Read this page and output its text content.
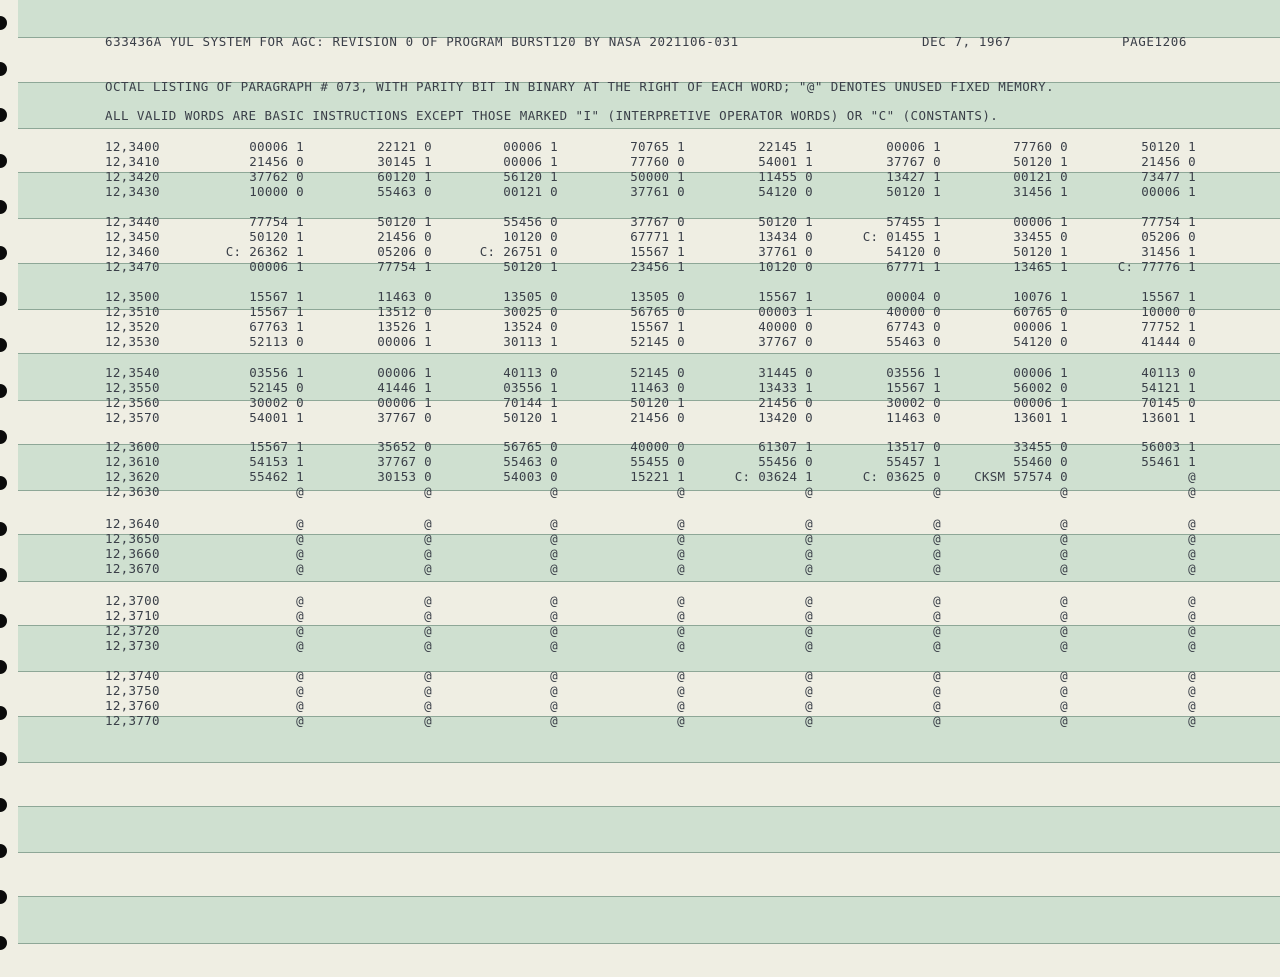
633436A YUL SYSTEM FOR AGC: REVISION 0 OF PROGRAM BURST120 BY NASA 2021106-031	DEC 7, 1967	PAGE1206
OCTAL LISTING OF PARAGRAPH # 073, WITH PARITY BIT IN BINARY AT THE RIGHT OF EACH WORD; "@" DENOTES UNUSED FIXED MEMORY.
ALL VALID WORDS ARE BASIC INSTRUCTIONS EXCEPT THOSE MARKED "I" (INTERPRETIVE OPERATOR WORDS) OR "C" (CONSTANTS).
12,3400	00006 1	22121 0	00006 1	70765 1	22145 1	00006 1	77760 0	50120 1
12,3410	21456 0	30145 1	00006 1	77760 0	54001 1	37767 0	50120 1	21456 0
12,3420	37762 0	60120 1	56120 1	50000 1	11455 0	13427 1	00121 0	73477 1
12,3430	10000 0	55463 0	00121 0	37761 0	54120 0	50120 1	31456 1	00006 1
12,3440	77754 1	50120 1	55456 0	37767 0	50120 1	57455 1	00006 1	77754 1
12,3450	50120 1	21456 0	10120 0	67771 1	13434 0	C: 01455 1	33455 0	05206 0
12,3460	C: 26362 1	05206 0	C: 26751 0	15567 1	37761 0	54120 0	50120 1	31456 1
12,3470	00006 1	77754 1	50120 1	23456 1	10120 0	67771 1	13465 1	C: 77776 1
12,3500	15567 1	11463 0	13505 0	13505 0	15567 1	00004 0	10076 1	15567 1
12,3510	15567 1	13512 0	30025 0	56765 0	00003 1	40000 0	60765 0	10000 0
12,3520	67763 1	13526 1	13524 0	15567 1	40000 0	67743 0	00006 1	77752 1
12,3530	52113 0	00006 1	30113 1	52145 0	37767 0	55463 0	54120 0	41444 0
12,3540	03556 1	00006 1	40113 0	52145 0	31445 0	03556 1	00006 1	40113 0
12,3550	52145 0	41446 1	03556 1	11463 0	13433 1	15567 1	56002 0	54121 1
12,3560	30002 0	00006 1	70144 1	50120 1	21456 0	30002 0	00006 1	70145 0
12,3570	54001 1	37767 0	50120 1	21456 0	13420 0	11463 0	13601 1	13601 1
12,3600	15567 1	35652 0	56765 0	40000 0	61307 1	13517 0	33455 0	56003 1
12,3610	54153 1	37767 0	55463 0	55455 0	55456 0	55457 1	55460 0	55461 1
12,3620	55462 1	30153 0	54003 0	15221 1	C: 03624 1	C: 03625 0	CKSM 57574 0	@
12,3630	@	@	@	@	@	@	@	@
12,3640	@	@	@	@	@	@	@	@
12,3650	@	@	@	@	@	@	@	@
12,3660	@	@	@	@	@	@	@	@
12,3670	@	@	@	@	@	@	@	@
12,3700	@	@	@	@	@	@	@	@
12,3710	@	@	@	@	@	@	@	@
12,3720	@	@	@	@	@	@	@	@
12,3730	@	@	@	@	@	@	@	@
12,3740	@	@	@	@	@	@	@	@
12,3750	@	@	@	@	@	@	@	@
12,3760	@	@	@	@	@	@	@	@
12,3770	@	@	@	@	@	@	@	@
